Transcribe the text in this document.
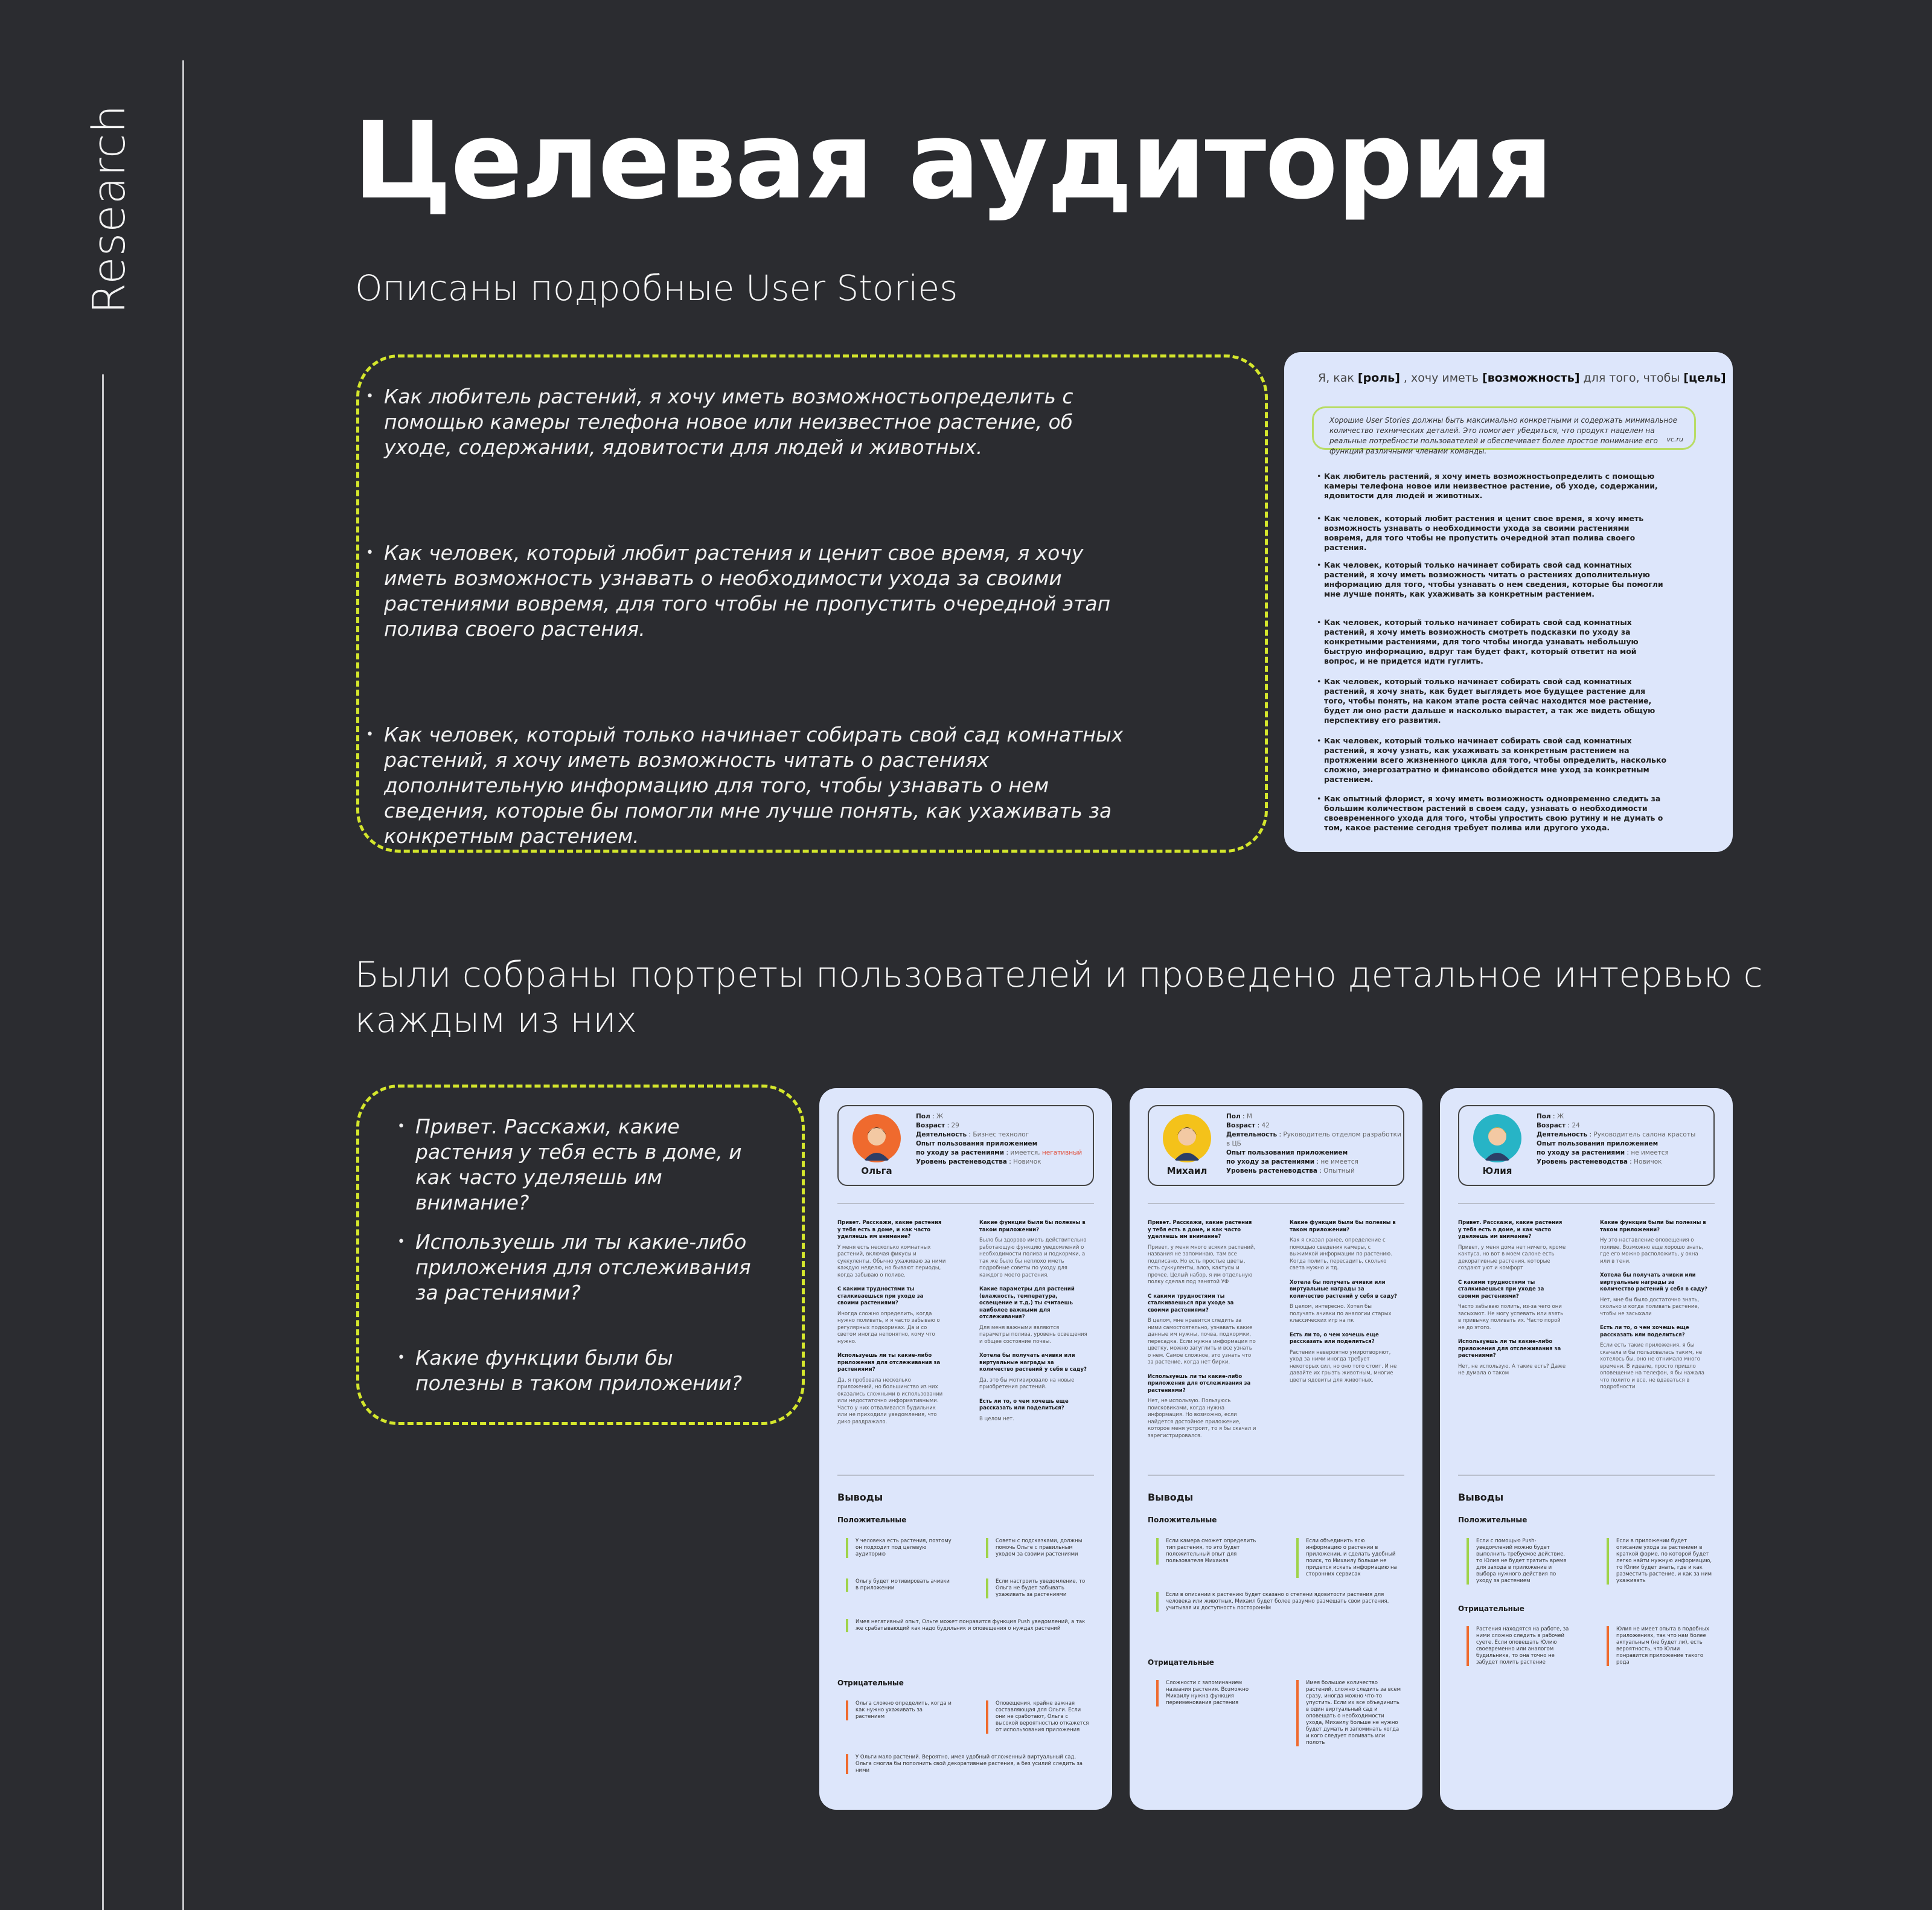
Research Целевая аудитория
Описаны подробные User Stories
• Как любитель растений, я хочу иметь возможностьопределить с помощью камеры телефона новое или неизвестное растение, об уходе, содержании, ядовитости для людей и животных.
• Как человек, который любит растения и ценит свое время, я хочу иметь возможность узнавать о необходимости ухода за своими растениями вовремя, для того чтобы не пропустить очередной этап полива своего растения.
• Как человек, который только начинает собирать свой сад комнатных растений, я хочу иметь возможность читать о растениях дополнительную информацию для того, чтобы узнавать о нем сведения, которые бы помогли мне лучше понять, как ухаживать за конкретным растением.
Я, как [роль] , хочу иметь [возможность] для того, чтобы [цель]
Хорошие User Stories должны быть максимально конкретными и содержать минимальное количество технических деталей. Это помогает убедиться, что продукт нацелен на реальные потребности пользователей и обеспечивает более простое понимание его функций различными членами команды.
vc.ru
• Как любитель растений, я хочу иметь возможностьопределить с помощью камеры телефона новое или неизвестное растение, об уходе, содержании, ядовитости для людей и животных.
• Как человек, который любит растения и ценит свое время, я хочу иметь возможность узнавать о необходимости ухода за своими растениями вовремя, для того чтобы не пропустить очередной этап полива своего растения.
• Как человек, который только начинает собирать свой сад комнатных растений, я хочу иметь возможность читать о растениях дополнительную информацию для того, чтобы узнавать о нем сведения, которые бы помогли мне лучше понять, как ухаживать за конкретным растением.
• Как человек, который только начинает собирать свой сад комнатных растений, я хочу иметь возможность смотреть подсказки по уходу за конкретными растениями, для того чтобы иногда узнавать небольшую быструю информацию, вдруг там будет факт, который ответит на мой вопрос, и не придется идти гуглить.
• Как человек, который только начинает собирать свой сад комнатных растений, я хочу знать, как будет выглядеть мое будущее растение для того, чтобы понять, на каком этапе роста сейчас находится мое растение, будет ли оно расти дальше и насколько вырастет, а так же видеть общую перспективу его развития.
• Как человек, который только начинает собирать свой сад комнатных растений, я хочу узнать, как ухаживать за конкретным растением на протяжении всего жизненного цикла для того, чтобы определить, насколько сложно, энергозатратно и финансово обойдется мне уход за конкретным растением.
• Как опытный флорист, я хочу иметь возможность одновременно следить за большим количеством растений в своем саду, узнавать о необходимости своевременного ухода для того, чтобы упростить свою рутину и не думать о том, какое растение сегодня требует полива или другого ухода.
Были собраны портреты пользователей и проведено детальное интервью с
каждым из них
• Привет. Расскажи, какие растения у тебя есть в доме, и как часто уделяешь им внимание?
• Используешь ли ты какие-либо приложения для отслеживания за растениями?
• Какие функции были бы полезны в таком приложении?
Ольга
Пол : Ж
Возраст : 29
Деятельность : Бизнес технолог
Опыт пользования приложением
по уходу за растениями : имеется, негативный
Уровень растеневодства : Новичок
Привет. Расскажи, какие растения у тебя есть в доме, и как часто уделяешь им внимание?

У меня есть несколько комнатных растений, включая фикусы и суккуленты. Обычно ухаживаю за ними каждую неделю, но бывают периоды, когда забываю о поливе.

С какими трудностями ты сталкиваешься при уходе за своими растениями?

Иногда сложно определить, когда нужно поливать, и я часто забываю о регулярных подкормках. Да и со светом иногда непонятно, кому что нужно.

Используешь ли ты какие-либо приложения для отслеживания за растениями?

Да, я пробовала несколько приложений, но большинство из них оказались сложными в использовании или недостаточно информативными. Часто у них отваливался будильник или не приходили уведомления, что дико раздражало.

Какие функции были бы полезны в таком приложении?

Было бы здорово иметь действительно работающую функцию уведомлений о необходимости полива и подкормки, а так же было бы неплохо иметь подробные советы по уходу для каждого моего растения.

Какие параметры для растений (влажность, температура, освещение и т.д.) ты считаешь наиболее важными для отслеживания?

Для меня важными являются параметры полива, уровень освещения и общее состояние почвы.

Хотела бы получать ачивки или виртуальные награды за количество растений у себя в саду?

Да, это бы мотивировало на новые приобретения растений.

Есть ли то, о чем хочешь еще рассказать или поделиться?

В целом нет.

Выводы
Положительные
У человека есть растения, поэтому он подходит под целевую аудиторию
Советы с подсказками, должны помочь Ольге с правильным уходом за своими растениями
Ольгу будет мотивировать ачивки в приложении
Если настроить уведомление, то Ольга не будет забывать ухаживать за растениями
Имея негативный опыт, Ольге может понравится функция Push уведомлений, а так же срабатывающий как надо будильник и оповещения о нуждах растений
Отрицательные
Ольга сложно определить, когда и как нужно ухаживать за растением
Оповещения, крайне важная составляющая для Ольги. Если они не сработают, Ольга с высокой вероятностью откажется от использования приложения
У Ольги мало растений. Вероятно, имея удобный отложенный виртуальный сад, Ольга смогла бы пополнить свой декоративные растения, а без усилий следить за ними
Михаил
Пол : М
Возраст : 42
Деятельность : Руководитель отделом разработки в ЦБ
Опыт пользования приложением
по уходу за растениями : не имеется
Уровень растеневодства : Опытный
Привет. Расскажи, какие растения у тебя есть в доме, и как часто уделяешь им внимание?

Привет, у меня много всяких растений, названия не запоминаю, там все подписано. Но есть простые цветы, есть суккуленты, алоэ, кактусы и прочее. Целый набор, я им отдельную полку сделал под занятой УФ

С какими трудностями ты сталкиваешься при уходе за своими растениями?

В целом, мне нравится следить за ними самостоятельно, узнавать какие данные им нужны, почва, подкормки, пересадка. Если нужна информация по цветку, можно загуглить и все узнать о нем. Самое сложное, это узнать что за растение, когда нет бирки.

Используешь ли ты какие-либо приложения для отслеживания за растениями?

Нет, не использую. Пользуюсь поисковиками, когда нужна информация. Но возможно, если найдется достойное приложение, которое меня устроит, то я бы скачал и зарегистрировался.

Какие функции были бы полезны в таком приложении?

Как я сказал ранее, определение с помощью сведения камеры, с выжимкой информации по растению. Когда полить, пересадить, сколько света нужно и тд.

Хотела бы получать ачивки или виртуальные награды за количество растений у себя в саду?

В целом, интересно. Хотел бы получать ачивки по аналогии старых классических игр на пк

Есть ли то, о чем хочешь еще рассказать или поделиться?

Растения невероятно умиротворяют, уход за ними иногда требует некоторых сил, но оно того стоит. И не давайте их грызть животным, многие цветы ядовиты для животных.

Выводы
Положительные
Если камера сможет определить тип растения, то это будет положительный опыт для пользователя Михаила
Если объединить всю информацию о растении в приложении, и сделать удобный поиск, то Михаилу больше не придется искать информацию на сторонних сервисах
Если в описании к растению будет сказано о степени ядовитости растения для человека или животных, Михаил будет более разумно размещать свои растения, учитывая их доступность постороннім
Отрицательные
Сложности с запоминанием названия растения. Возможно Михаилу нужна функция переименования растения
Имея большое количество растений, сложно следить за всем сразу, иногда можно что-то упустить. Если их все объединить в один виртуальный сад и оповещать о необходимости ухода, Михаилу больше не нужно будет думать и запоминать когда и кого следует поливать или полоть
Юлия
Пол : Ж
Возраст : 24
Деятельность : Руководитель салона красоты
Опыт пользования приложением
по уходу за растениями : не имеется
Уровень растеневодства : Новичок
Привет. Расскажи, какие растения у тебя есть в доме, и как часто уделяешь им внимание?

Привет, у меня дома нет ничего, кроме кактуса, но вот в моем салоне есть декоративные растения, которые создают уют и комфорт

С какими трудностями ты сталкиваешься при уходе за своими растениями?

Часто забываю полить, из-за чего они засыхают. Не могу успевать или взять в привычку поливать их. Часто порой не до этого.

Используешь ли ты какие-либо приложения для отслеживания за растениями?

Нет, не использую. А такие есть? Даже не думала о таком

Какие функции были бы полезны в таком приложении?

Ну это наставление оповещения о поливе. Возможно еще хорошо знать, где его можно расположить, у окна или в тени.

Хотела бы получать ачивки или виртуальные награды за количество растений у себя в саду?

Нет, мне бы было достаточно знать, сколько и когда поливать растение, чтобы не засыхали

Есть ли то, о чем хочешь еще рассказать или поделиться?

Если есть такие приложения, я бы скачала и бы пользовалась таким, не хотелось бы, оно не отнимало много времени. В идеале, просто пришло оповещение на телефон, я бы нажала что полито и все, не вдаваться в подробности

Выводы
Положительные
Если с помощью Push-уведомлений можно будет выполнить требуемое действие, то Юлия не будет тратить время для захода в приложение и выбора нужного действия по уходу за растением
Если в приложении будет описание ухода за растением в краткой форме, по которой будет легко найти нужную информацию, то Юлии будет знать, где и как разместить растение, и как за ним ухаживать
Отрицательные
Растения находятся на работе, за ними сложно следить в рабочей суете. Если оповещать Юлию своевременно или аналогом будильника, то она точно не забудет полить растение
Юлия не имеет опыта в подобных приложениях, так что нам более актуальным (не будет ли), есть вероятность, что Юлии понравится приложение такого рода
